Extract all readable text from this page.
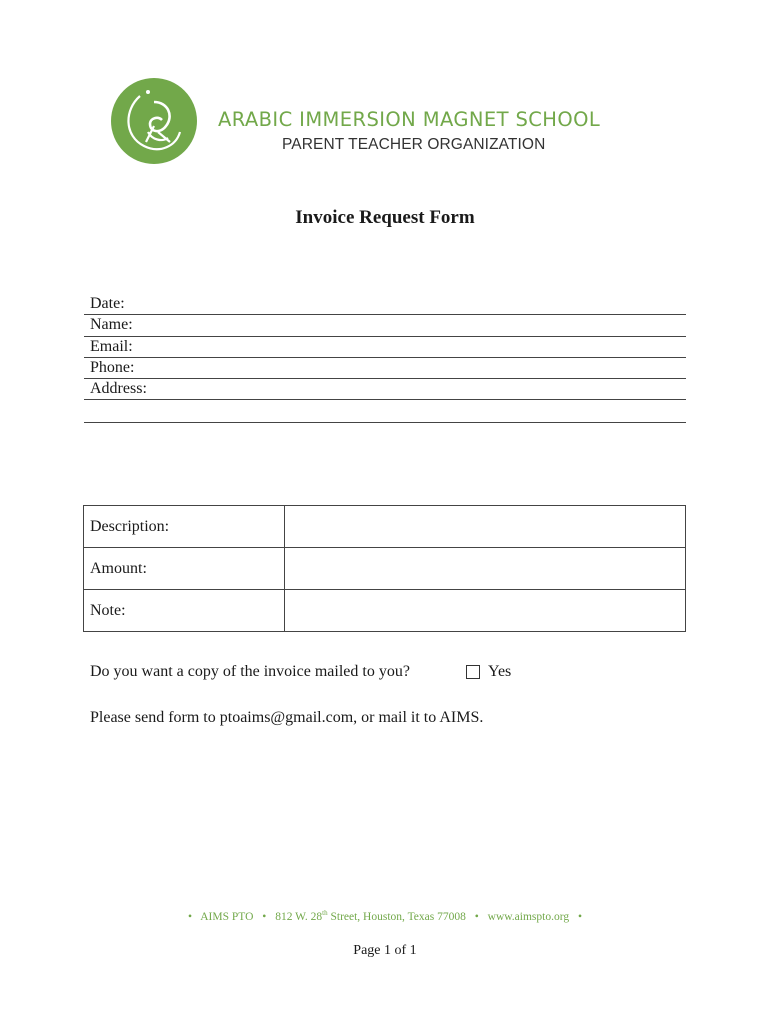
ARABIC IMMERSION MAGNET SCHOOL
PARENT TEACHER ORGANIZATION
Invoice Request Form
Date:
Name:
Email:
Phone:
Address:
Description:	
Amount:	
Note:	
Do you want a copy of the invoice mailed to you?	Yes
Please send form to ptoaims@gmail.com, or mail it to AIMS.
• AIMS PTO • 812 W. 28th Street, Houston, Texas 77008 • www.aimspto.org •
Page 1 of 1
